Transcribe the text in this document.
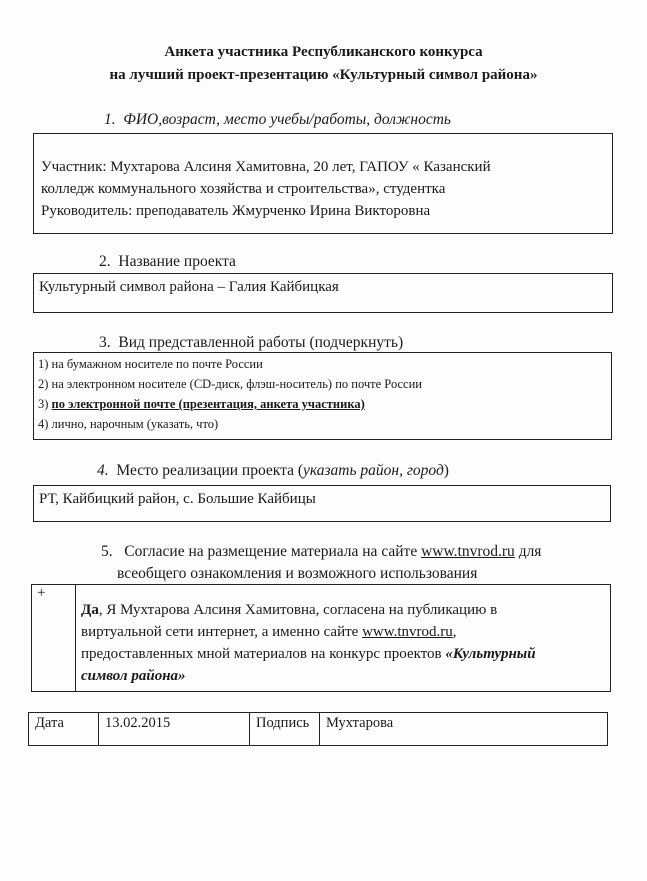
Анкета участника Республиканского конкурса
на лучший проект-презентацию «Культурный символ района»
1. ФИО,возраст, место учебы/работы, должность
Участник: Мухтарова Алсиня Хамитовна, 20 лет, ГАПОУ « Казанский
колледж коммунального хозяйства и строительства», студентка
Руководитель: преподаватель Жмурченко Ирина Викторовна
2. Название проекта
Культурный символ района – Галия Кайбицкая
3. Вид представленной работы (подчеркнуть)
1) на бумажном носителе по почте России
2) на электронном носителе (CD-диск, флэш-носитель) по почте России
3) по электронной почте (презентация, анкета участника)
4) лично, нарочным (указать, что)
4. Место реализации проекта (указать район, город)
РТ, Кайбицкий район, с. Большие Кайбицы
5. Согласие на размещение материала на сайте www.tnvrod.ru для
всеобщего ознакомления и возможного использования
+
Да, Я Мухтарова Алсиня Хамитовна, согласена на публикацию в
виртуальной сети интернет, а именно сайте www.tnvrod.ru,
предоставленных мной материалов на конкурс проектов «Культурный
символ района»
Дата	13.02.2015	Подпись	Мухтарова
